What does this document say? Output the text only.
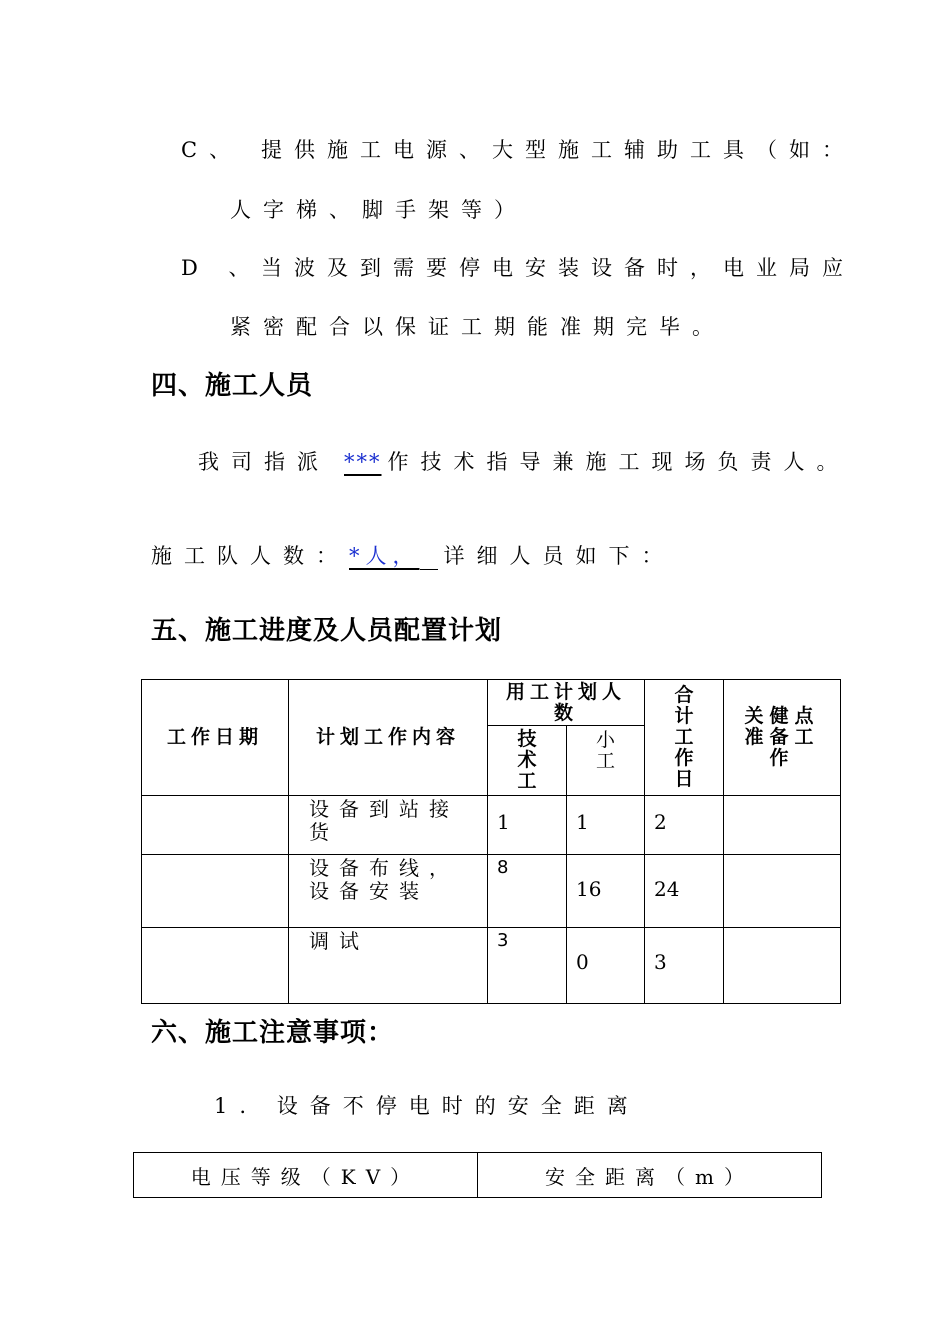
C、 提供施工电源、大型施工辅助工具（如：
人字梯、脚手架等）
D 、 当波及到需要停电安装设备时，电业局应
紧密配合以保证工期能准期完毕。
四、施工人员
我司指派 *** 作技术指导兼施工现场负责人。
施工队人数：*人， 详细人员如下：
五、施工进度及人员配置计划
工作日期	计划工作内容	用工计划人数		合计工作日	关健点准备工作

		技术工	小工		

	设备到站接货	1	1	2	

	设备布线，设备安装	8	16	24	

	调试	3	0	3	
六、施工注意事项：
1. 设备不停电时的安全距离
电压等级（KV）	安全距离（m）
